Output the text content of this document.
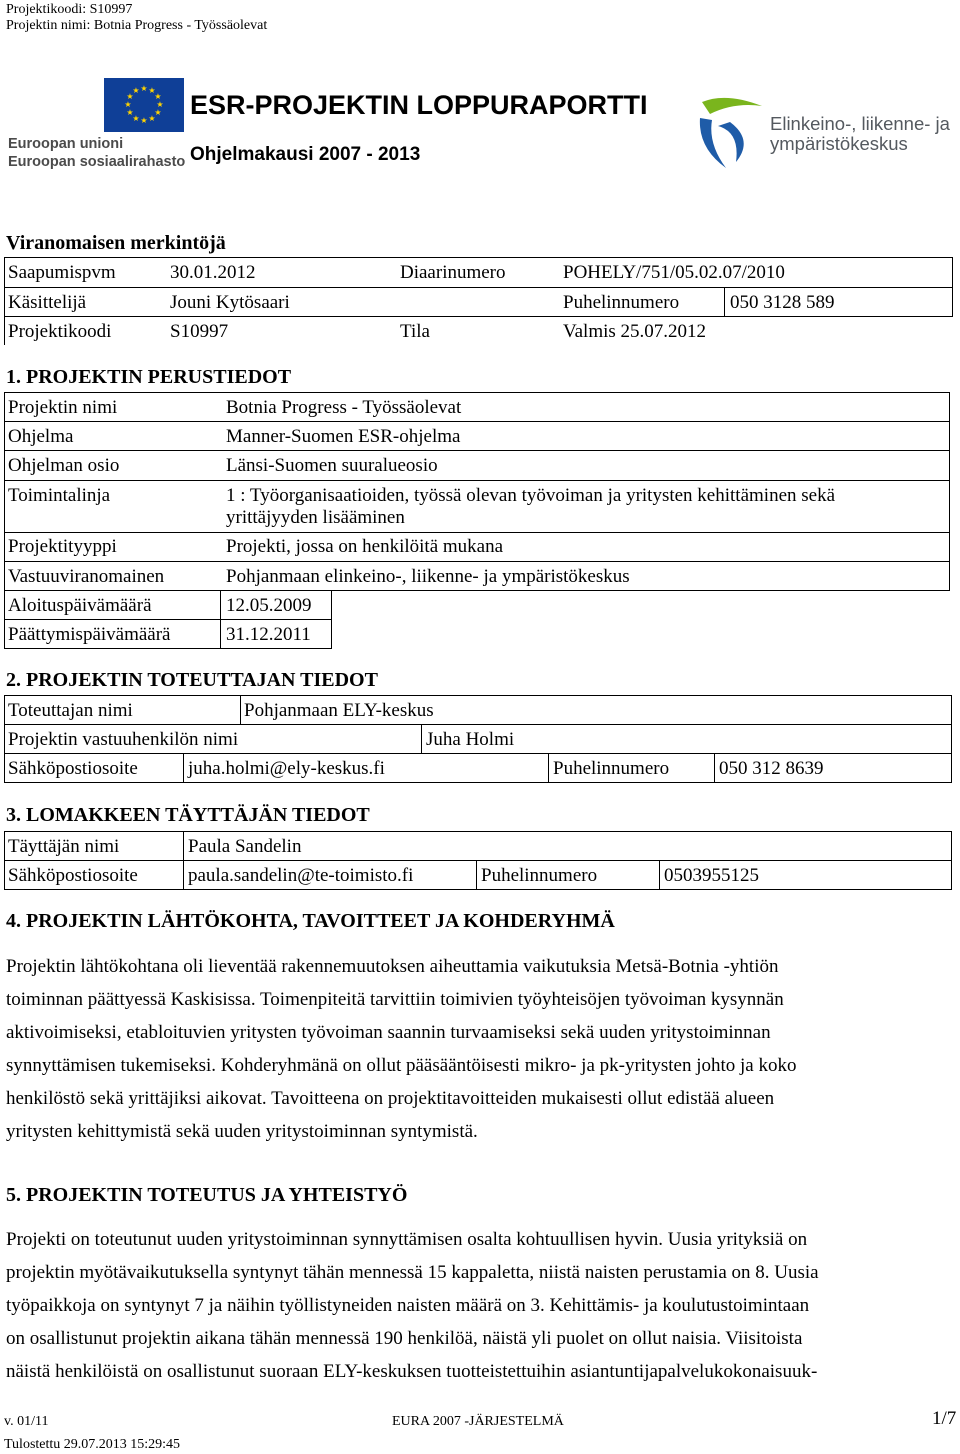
Projektikoodi: S10997
Projektin nimi: Botnia Progress - Työssäolevat
★ ★
★
★
★
★
★
★
★
★
★
★
Euroopan unioni
Euroopan sosiaalirahasto
ESR-PROJEKTIN LOPPURAPORTTI
Ohjelmakausi 2007 - 2013
Elinkeino-, liikenne- ja
ympäristökeskus
Viranomaisen merkintöjä
Saapumispvm	30.01.2012	Diaarinumero	POHELY/751/05.02.07/2010
Käsittelijä	Jouni Kytösaari	Puhelinnumero	050 3128 589
Projektikoodi	S10997	Tila	Valmis 25.07.2012
1. PROJEKTIN PERUSTIEDOT
Projektin nimi	Botnia Progress - Työssäolevat
Ohjelma	Manner-Suomen ESR-ohjelma
Ohjelman osio	Länsi-Suomen suuralueosio
Toimintalinja	1 : Työorganisaatioiden, työssä olevan työvoiman ja yritysten kehittäminen sekä
yrittäjyyden lisääminen
Projektityyppi	Projekti, jossa on henkilöitä mukana
Vastuuviranomainen	Pohjanmaan elinkeino-, liikenne- ja ympäristökeskus
Aloituspäivämäärä	12.05.2009
Päättymispäivämäärä	31.12.2011
2. PROJEKTIN TOTEUTTAJAN TIEDOT
Toteuttajan nimi	Pohjanmaan ELY-keskus
Projektin vastuuhenkilön nimi	Juha Holmi
Sähköpostiosoite	juha.holmi@ely-keskus.fi	Puhelinnumero	050 312 8639
3. LOMAKKEEN TÄYTTÄJÄN TIEDOT
Täyttäjän nimi	Paula Sandelin
Sähköpostiosoite	paula.sandelin@te-toimisto.fi	Puhelinnumero	0503955125
4. PROJEKTIN LÄHTÖKOHTA, TAVOITTEET JA KOHDERYHMÄ
Projektin lähtökohtana oli lieventää rakennemuutoksen aiheuttamia vaikutuksia Metsä-Botnia -yhtiön
toiminnan päättyessä Kaskisissa. Toimenpiteitä tarvittiin toimivien työyhteisöjen työvoiman kysynnän
aktivoimiseksi, etabloituvien yritysten työvoiman saannin turvaamiseksi sekä uuden yritystoiminnan
synnyttämisen tukemiseksi. Kohderyhmänä on ollut pääsääntöisesti mikro- ja pk-yritysten johto ja koko
henkilöstö sekä yrittäjiksi aikovat. Tavoitteena on projektitavoitteiden mukaisesti ollut edistää alueen
yritysten kehittymistä sekä uuden yritystoiminnan syntymistä.
5. PROJEKTIN TOTEUTUS JA YHTEISTYÖ
Projekti on toteutunut uuden yritystoiminnan synnyttämisen osalta kohtuullisen hyvin. Uusia yrityksiä on
projektin myötävaikutuksella syntynyt tähän mennessä 15 kappaletta, niistä naisten perustamia on 8. Uusia
työpaikkoja on syntynyt 7 ja näihin työllistyneiden naisten määrä on 3. Kehittämis- ja koulutustoimintaan
on osallistunut projektin aikana tähän mennessä 190 henkilöä, näistä yli puolet on ollut naisia. Viisitoista
näistä henkilöistä on osallistunut suoraan ELY-keskuksen tuotteistettuihin asiantuntijapalvelukokonaisuuk-
v. 01/11	EURA 2007 -JÄRJESTELMÄ	1/7
Tulostettu 29.07.2013 15:29:45
